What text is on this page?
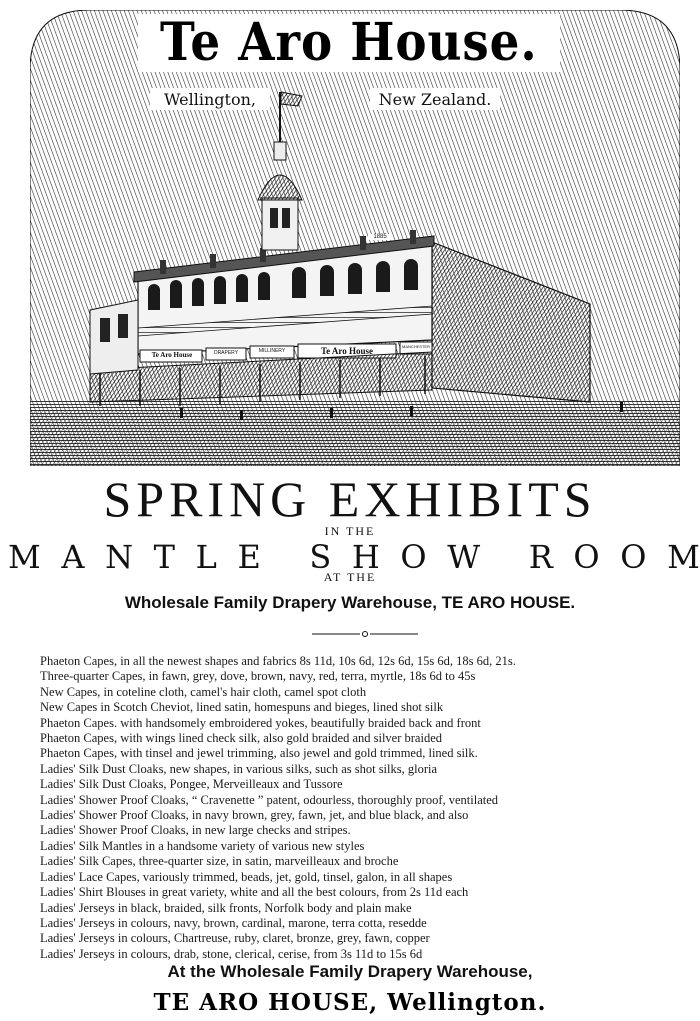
Te Aro House.
Wellington,	New Zealand.
Te Aro House	DRAPERY	MILLINERY	Te Aro House	MANCHESTER
1885
SPRING EXHIBITS
IN THE
M A N T L E S H O W R O O M
AT THE
Wholesale Family Drapery Warehouse, TE ARO HOUSE.
Phaeton Capes, in all the newest shapes and fabrics 8s 11d, 10s 6d, 12s 6d, 15s 6d, 18s 6d, 21s.
Three-quarter Capes, in fawn, grey, dove, brown, navy, red, terra, myrtle, 18s 6d to 45s
New Capes, in coteline cloth, camel's hair cloth, camel spot cloth
New Capes in Scotch Cheviot, lined satin, homespuns and bieges, lined shot silk
Phaeton Capes. with handsomely embroidered yokes, beautifully braided back and front
Phaeton Capes, with wings lined check silk, also gold braided and silver braided
Phaeton Capes, with tinsel and jewel trimming, also jewel and gold trimmed, lined silk.
Ladies' Silk Dust Cloaks, new shapes, in various silks, such as shot silks, gloria
Ladies' Silk Dust Cloaks, Pongee, Merveilleaux and Tussore
Ladies' Shower Proof Cloaks, “ Cravenette ” patent, odourless, thoroughly proof, ventilated
Ladies' Shower Proof Cloaks, in navy brown, grey, fawn, jet, and blue black, and also
Ladies' Shower Proof Cloaks, in new large checks and stripes.
Ladies' Silk Mantles in a handsome variety of various new styles
Ladies' Silk Capes, three-quarter size, in satin, marveilleaux and broche
Ladies' Lace Capes, variously trimmed, beads, jet, gold, tinsel, galon, in all shapes
Ladies' Shirt Blouses in great variety, white and all the best colours, from 2s 11d each
Ladies' Jerseys in black, braided, silk fronts, Norfolk body and plain make
Ladies' Jerseys in colours, navy, brown, cardinal, marone, terra cotta, resedde
Ladies' Jerseys in colours, Chartreuse, ruby, claret, bronze, grey, fawn, copper
Ladies' Jerseys in colours, drab, stone, clerical, cerise, from 3s 11d to 15s 6d
At the Wholesale Family Drapery Warehouse,
TE ARO HOUSE, Wellington.
